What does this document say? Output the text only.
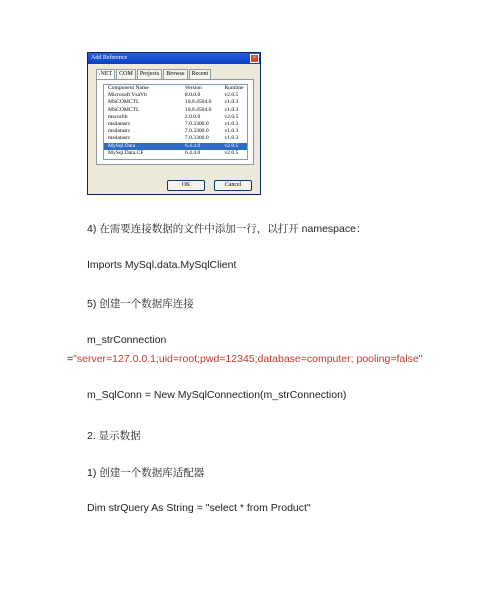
Add Reference	×
.NET	COM	Projects	Browse	Recent
Component Name	Version	Runtime
Microsoft VsaVb	8.0.0.0	v2.0.5
MSCOMCTL	10.0.4504.0	v1.0.3
MSCOMCTL	10.0.4504.0	v1.0.3
mscorlib	2.0.0.0	v2.0.5
msdatasrc	7.0.3300.0	v1.0.3
msdatasrc	7.0.3300.0	v1.0.3
msdatasrc	7.0.3300.0	v1.0.3
MySql.Data	6.4.4.0	v2.0.5
MySql.Data.CF	6.4.4.0	v2.0.5
OK	Cancel
4) 在需要连接数据的文件中添加一行，以打开 namespace：
Imports MySql.data.MySqlClient
5) 创建一个数据库连接
m_strConnection
="server=127.0.0.1;uid=root;pwd=12345;database=computer; pooling=false"
m_SqlConn = New MySqlConnection(m_strConnection)
2. 显示数据
1) 创建一个数据库适配器
Dim strQuery As String = "select * from Product"
